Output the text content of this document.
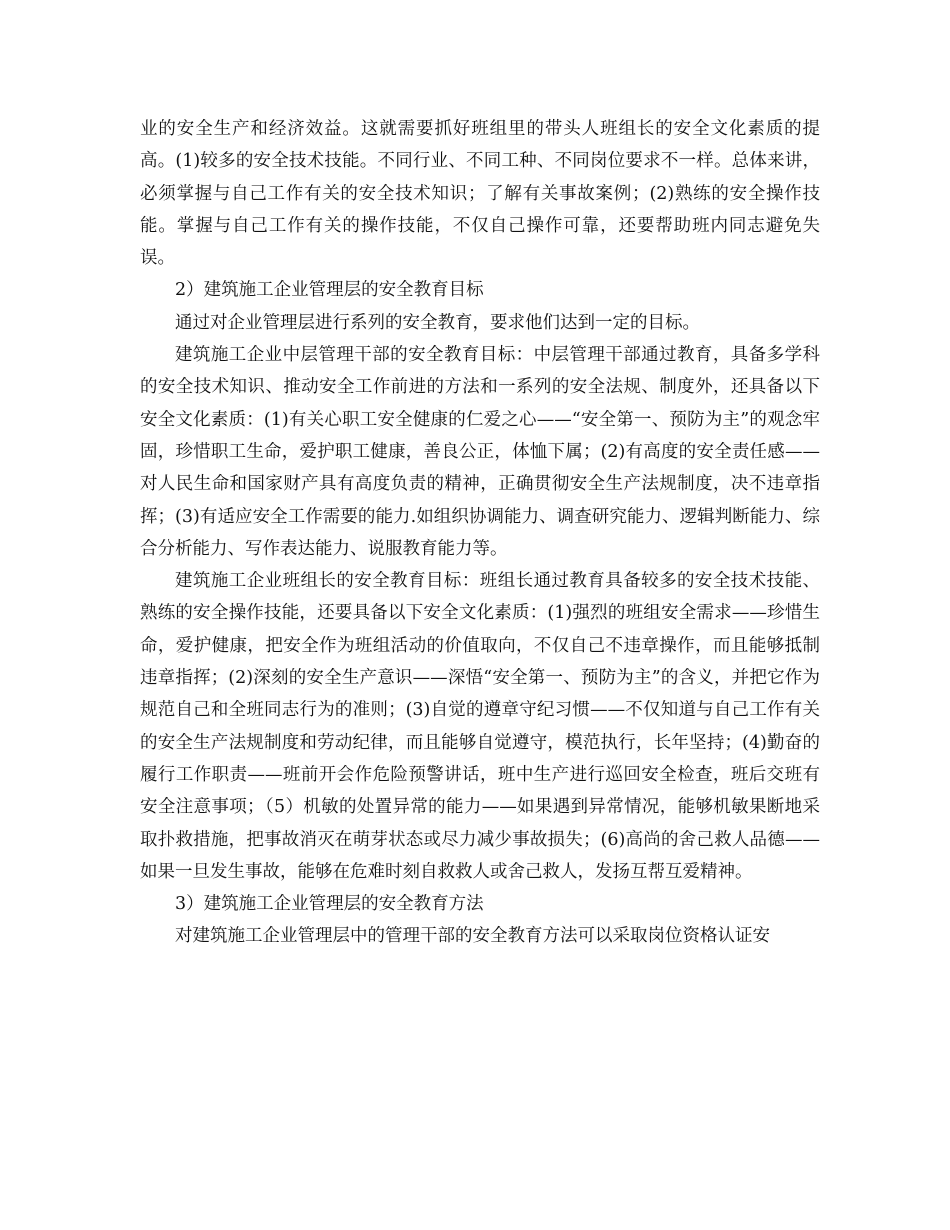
业的安全生产和经济效益。这就需要抓好班组里的带头人班组长的安全文化素质的提高。(1)较多的安全技术技能。不同行业、不同工种、不同岗位要求不一样。总体来讲，必须掌握与自己工作有关的安全技术知识；了解有关事故案例；(2)熟练的安全操作技能。掌握与自己工作有关的操作技能，不仅自己操作可靠，还要帮助班内同志避免失误。

2）建筑施工企业管理层的安全教育目标

通过对企业管理层进行系列的安全教育，要求他们达到一定的目标。

建筑施工企业中层管理干部的安全教育目标：中层管理干部通过教育，具备多学科的安全技术知识、推动安全工作前进的方法和一系列的安全法规、制度外，还具备以下安全文化素质：(1)有关心职工安全健康的仁爱之心——“安全第一、预防为主”的观念牢固，珍惜职工生命，爱护职工健康，善良公正，体恤下属；(2)有高度的安全责任感——对人民生命和国家财产具有高度负责的精神，正确贯彻安全生产法规制度，决不违章指挥；(3)有适应安全工作需要的能力.如组织协调能力、调查研究能力、逻辑判断能力、综合分析能力、写作表达能力、说服教育能力等。

建筑施工企业班组长的安全教育目标：班组长通过教育具备较多的安全技术技能、熟练的安全操作技能，还要具备以下安全文化素质：(1)强烈的班组安全需求——珍惜生命，爱护健康，把安全作为班组活动的价值取向，不仅自己不违章操作，而且能够抵制违章指挥；(2)深刻的安全生产意识——深悟“安全第一、预防为主”的含义，并把它作为规范自己和全班同志行为的准则；(3)自觉的遵章守纪习惯——不仅知道与自己工作有关的安全生产法规制度和劳动纪律，而且能够自觉遵守，模范执行，长年坚持；(4)勤奋的履行工作职责——班前开会作危险预警讲话，班中生产进行巡回安全检查，班后交班有安全注意事项；（5）机敏的处置异常的能力——如果遇到异常情况，能够机敏果断地采取扑救措施，把事故消灭在萌芽状态或尽力减少事故损失；(6)高尚的舍己救人品德——如果一旦发生事故，能够在危难时刻自救救人或舍己救人，发扬互帮互爱精神。

3）建筑施工企业管理层的安全教育方法

对建筑施工企业管理层中的管理干部的安全教育方法可以采取岗位资格认证安
